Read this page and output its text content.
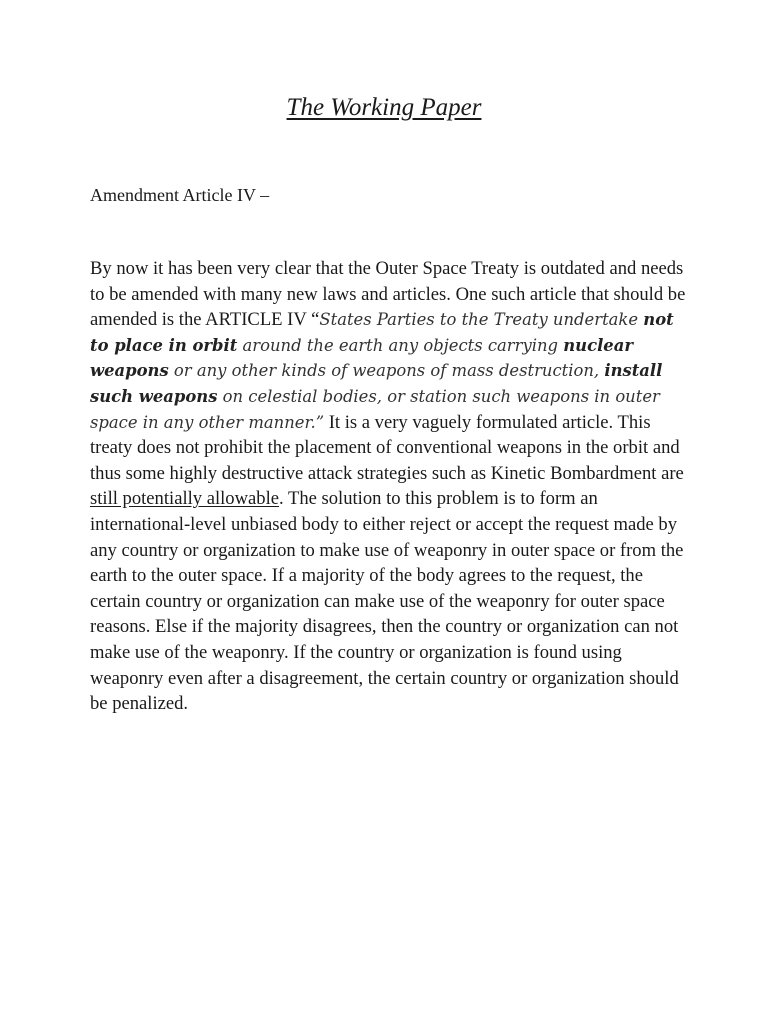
The Working Paper

Amendment Article IV –

By now it has been very clear that the Outer Space Treaty is outdated and needs to be amended with many new laws and articles. One such article that should be amended is the ARTICLE IV “States Parties to the Treaty undertake not to place in orbit around the earth any objects carrying nuclear weapons or any other kinds of weapons of mass destruction, install such weapons on celestial bodies, or station such weapons in outer space in any other manner.” It is a very vaguely formulated article. This treaty does not prohibit the placement of conventional weapons in the orbit and thus some highly destructive attack strategies such as Kinetic Bombardment are still potentially allowable. The solution to this problem is to form an international-level unbiased body to either reject or accept the request made by any country or organization to make use of weaponry in outer space or from the earth to the outer space. If a majority of the body agrees to the request, the certain country or organization can make use of the weaponry for outer space reasons. Else if the majority disagrees, then the country or organization can not make use of the weaponry. If the country or organization is found using weaponry even after a disagreement, the certain country or organization should be penalized.
